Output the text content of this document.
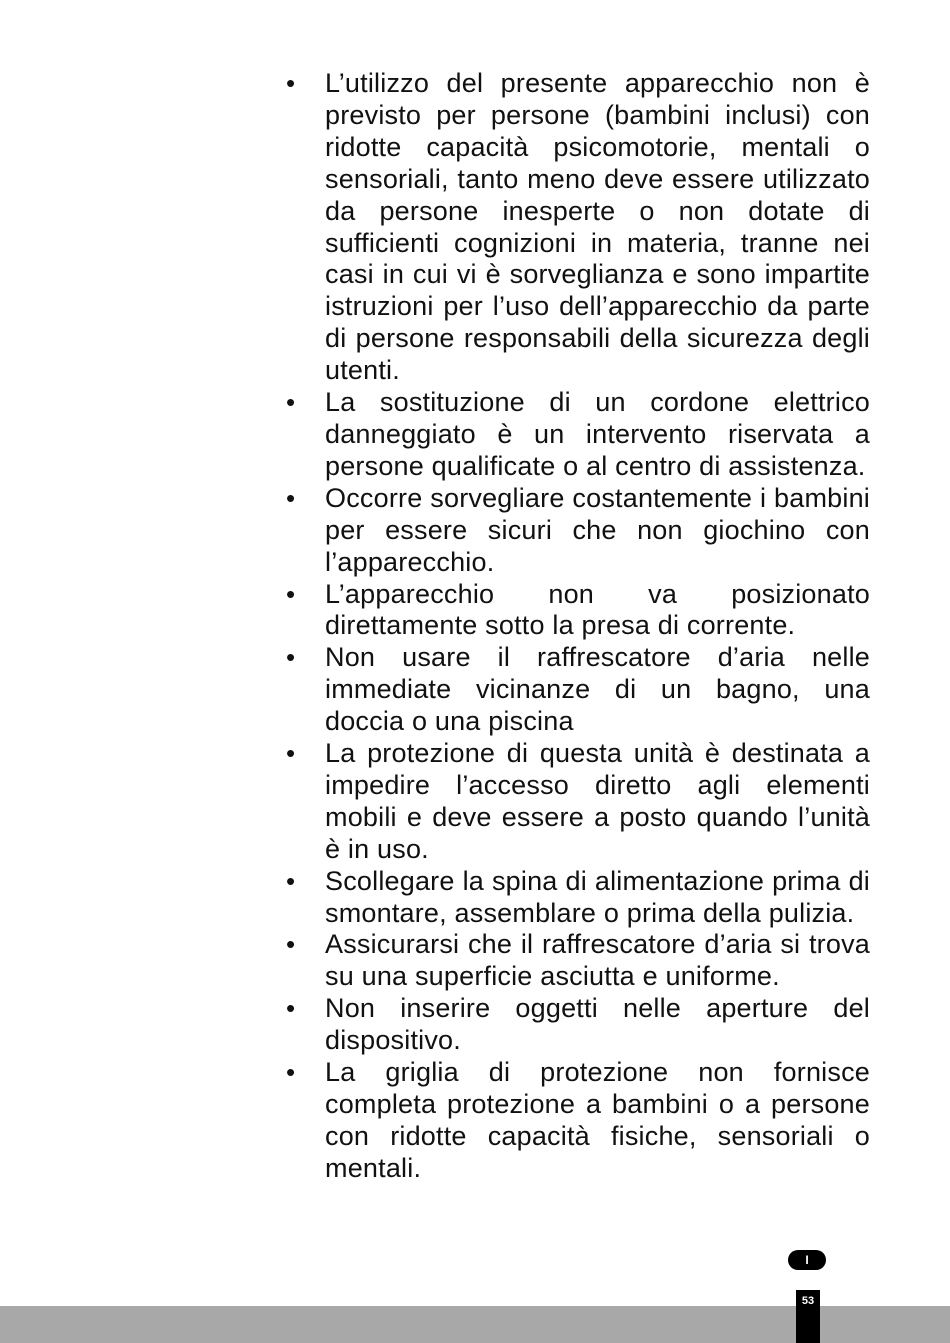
• L’utilizzo del presente apparecchio non è previsto per persone (bambini inclusi) con ridotte capacità psicomotorie, mentali o sensoriali, tanto meno deve essere utilizzato da persone inesperte o non dotate di sufficienti cognizioni in materia, tranne nei casi in cui vi è sorveglianza e sono impartite istruzioni per l’uso dell’apparecchio da parte di persone responsabili della sicurezza degli utenti.
• La sostituzione di un cordone elettrico danneggiato è un intervento riservata a persone qualificate o al centro di assistenza.
• Occorre sorvegliare costantemente i bambini per essere sicuri che non giochino con l’apparecchio.
• L’apparecchio non va posizionato direttamente sotto la presa di corrente.
• Non usare il raffrescatore d’aria nelle immediate vicinanze di un bagno, una doccia o una piscina
• La protezione di questa unità è destinata a impedire l’accesso diretto agli elementi mobili e deve essere a posto quando l’unità è in uso.
• Scollegare la spina di alimentazione prima di smontare, assemblare o prima della pulizia.
• Assicurarsi che il raffrescatore d’aria si trova su una superficie asciutta e uniforme.
• Non inserire oggetti nelle aperture del dispositivo.
• La griglia di protezione non fornisce completa protezione a bambini o a persone con ridotte capacità fisiche, sensoriali o mentali.
I
53
